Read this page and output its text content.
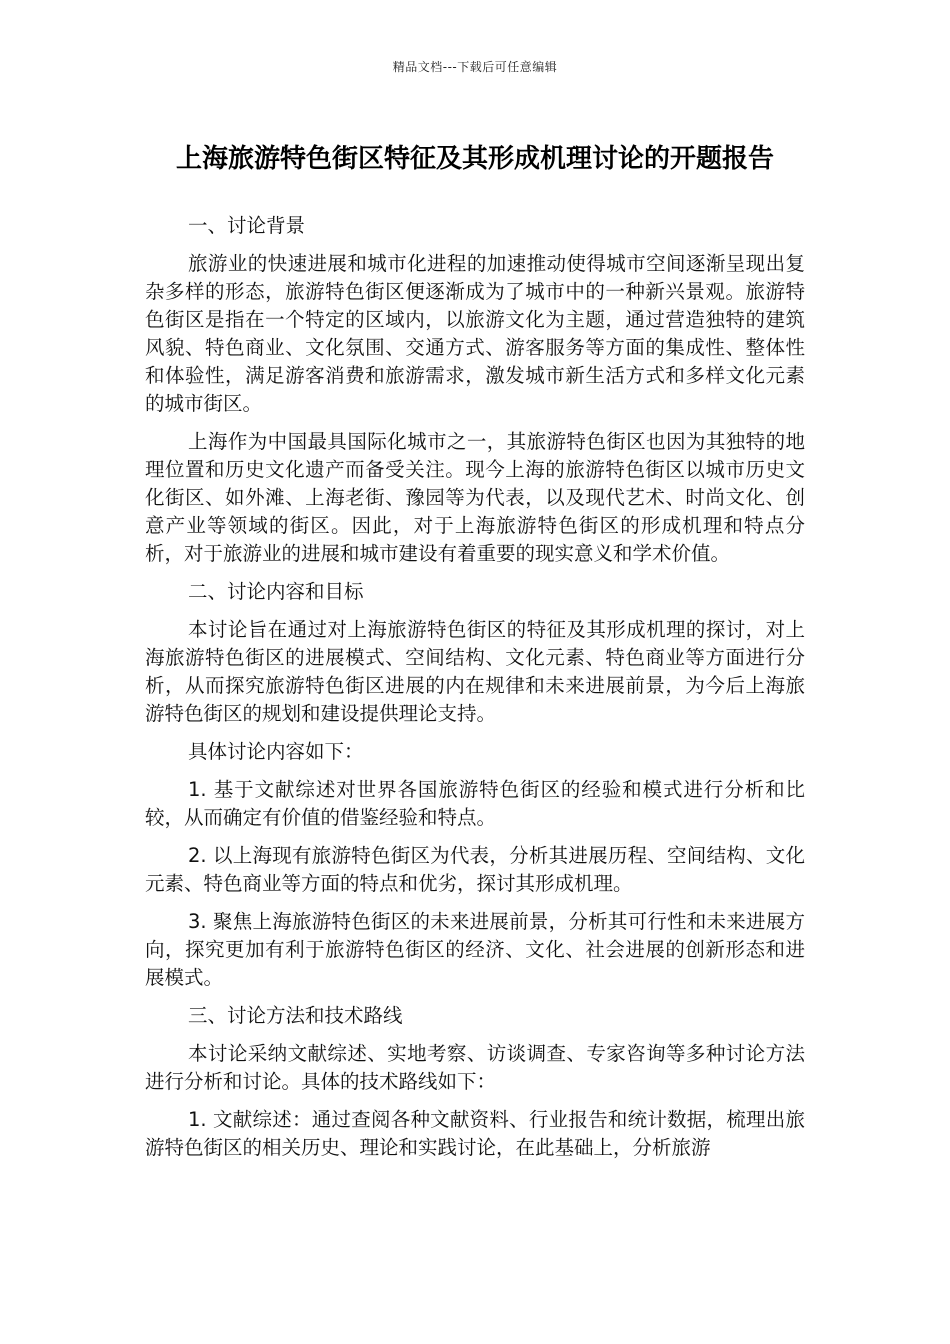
精品文档---下载后可任意编辑
上海旅游特色街区特征及其形成机理讨论的开题报告

一、讨论背景

旅游业的快速进展和城市化进程的加速推动使得城市空间逐渐呈现出复杂多样的形态，旅游特色街区便逐渐成为了城市中的一种新兴景观。旅游特色街区是指在一个特定的区域内，以旅游文化为主题，通过营造独特的建筑风貌、特色商业、文化氛围、交通方式、游客服务等方面的集成性、整体性和体验性，满足游客消费和旅游需求，激发城市新生活方式和多样文化元素的城市街区。

上海作为中国最具国际化城市之一，其旅游特色街区也因为其独特的地理位置和历史文化遗产而备受关注。现今上海的旅游特色街区以城市历史文化街区、如外滩、上海老街、豫园等为代表，以及现代艺术、时尚文化、创意产业等领域的街区。因此，对于上海旅游特色街区的形成机理和特点分析，对于旅游业的进展和城市建设有着重要的现实意义和学术价值。

二、讨论内容和目标

本讨论旨在通过对上海旅游特色街区的特征及其形成机理的探讨，对上海旅游特色街区的进展模式、空间结构、文化元素、特色商业等方面进行分析，从而探究旅游特色街区进展的内在规律和未来进展前景，为今后上海旅游特色街区的规划和建设提供理论支持。

具体讨论内容如下：

1. 基于文献综述对世界各国旅游特色街区的经验和模式进行分析和比较，从而确定有价值的借鉴经验和特点。

2. 以上海现有旅游特色街区为代表，分析其进展历程、空间结构、文化元素、特色商业等方面的特点和优劣，探讨其形成机理。

3. 聚焦上海旅游特色街区的未来进展前景，分析其可行性和未来进展方向，探究更加有利于旅游特色街区的经济、文化、社会进展的创新形态和进展模式。

三、讨论方法和技术路线

本讨论采纳文献综述、实地考察、访谈调查、专家咨询等多种讨论方法进行分析和讨论。具体的技术路线如下：

1. 文献综述：通过查阅各种文献资料、行业报告和统计数据，梳理出旅游特色街区的相关历史、理论和实践讨论，在此基础上，分析旅游
